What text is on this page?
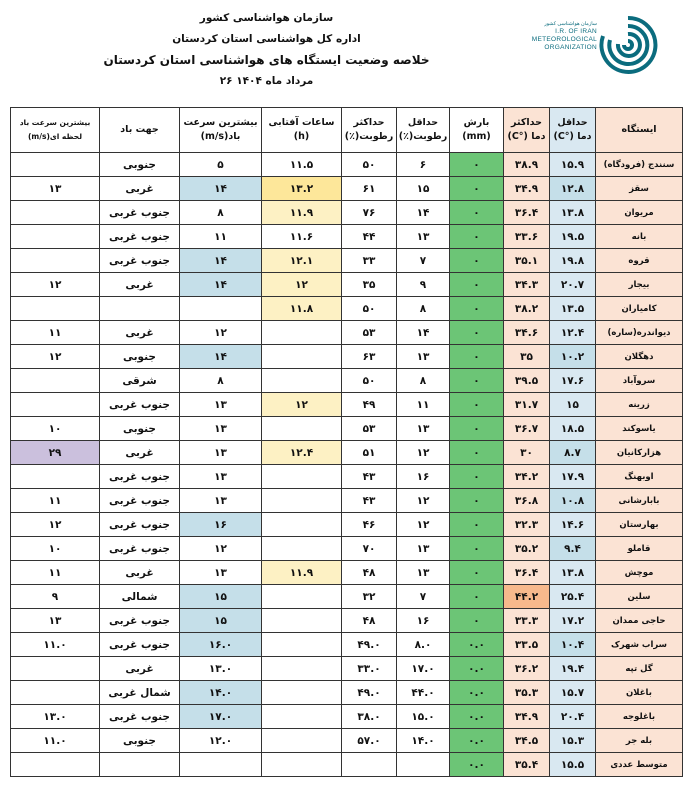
سازمان هواشناسی کشور
اداره کل هواشناسی استان کردستان
خلاصه وضعیت ایستگاه های هواشناسی استان کردستان
۲۶ مرداد ماه ۱۴۰۴
سازمان هواشناسی کشور
I.R. OF IRAN
METEOROLOGICAL
ORGANIZATION
ایستگاه	حداقل دما (°C)	حداکثر دما (°C)	بارش (mm)	حداقل رطوبت(٪)	حداکثر رطوبت(٪)	ساعات آفتابی (h)	بیشترین سرعت باد(m/s)	جهت باد	بیشترین سرعت باد لحظه ای(m/s)
سنندج (فرودگاه)	۱۵.۹	۳۸.۹	۰	۶	۵۰	۱۱.۵	۵	جنوبی	
سقز	۱۲.۸	۳۴.۹	۰	۱۵	۶۱	۱۳.۲	۱۴	غربی	۱۳
مریوان	۱۳.۸	۳۶.۴	۰	۱۴	۷۶	۱۱.۹	۸	جنوب غربی	
بانه	۱۹.۵	۳۳.۶	۰	۱۳	۴۴	۱۱.۶	۱۱	جنوب غربی	
قروه	۱۹.۸	۳۵.۱	۰	۷	۳۳	۱۲.۱	۱۴	جنوب غربی	
بیجار	۲۰.۷	۳۴.۳	۰	۹	۳۵	۱۲	۱۴	غربی	۱۲
کامیاران	۱۳.۵	۳۸.۲	۰	۸	۵۰	۱۱.۸			
دیواندره(ساره)	۱۲.۴	۳۴.۶	۰	۱۴	۵۳		۱۲	غربی	۱۱
دهگلان	۱۰.۲	۳۵	۰	۱۳	۶۳		۱۴	جنوبی	۱۲
سروآباد	۱۷.۶	۳۹.۵	۰	۸	۵۰		۸	شرقی	
زرینه	۱۵	۳۱.۷	۰	۱۱	۴۹	۱۲	۱۳	جنوب غربی	
یاسوکند	۱۸.۵	۳۶.۷	۰	۱۳	۵۳		۱۳	جنوبی	۱۰
هزارکانیان	۸.۷	۳۰	۰	۱۲	۵۱	۱۲.۴	۱۳	غربی	۲۹
اوبهنگ	۱۷.۹	۳۴.۲	۰	۱۶	۴۳		۱۳	جنوب غربی	
بابارشانی	۱۰.۸	۳۶.۸	۰	۱۲	۴۳		۱۳	جنوب غربی	۱۱
بهارستان	۱۴.۶	۳۲.۳	۰	۱۲	۴۶		۱۶	جنوب غربی	۱۲
قاملو	۹.۴	۳۵.۲	۰	۱۳	۷۰		۱۲	جنوب غربی	۱۰
موچش	۱۳.۸	۳۶.۴	۰	۱۳	۴۸	۱۱.۹	۱۳	غربی	۱۱
سلین	۲۵.۴	۴۴.۲	۰	۷	۳۲		۱۵	شمالی	۹
حاجی ممدان	۱۷.۲	۳۳.۳	۰	۱۶	۴۸		۱۵	جنوب غربی	۱۳
سراب شهرک	۱۰.۴	۳۳.۵	۰.۰	۸.۰	۴۹.۰		۱۶.۰	جنوب غربی	۱۱.۰
گل تپه	۱۹.۴	۳۶.۲	۰.۰	۱۷.۰	۳۳.۰		۱۳.۰	غربی	
باغلان	۱۵.۷	۳۵.۳	۰.۰	۴۴.۰	۴۹.۰		۱۴.۰	شمال غربی	
باغلوجه	۲۰.۴	۳۴.۹	۰.۰	۱۵.۰	۳۸.۰		۱۷.۰	جنوب غربی	۱۳.۰
بله جر	۱۵.۳	۳۴.۵	۰.۰	۱۴.۰	۵۷.۰		۱۲.۰	جنوبی	۱۱.۰
متوسط عددی	۱۵.۵	۳۵.۴	۰.۰						
